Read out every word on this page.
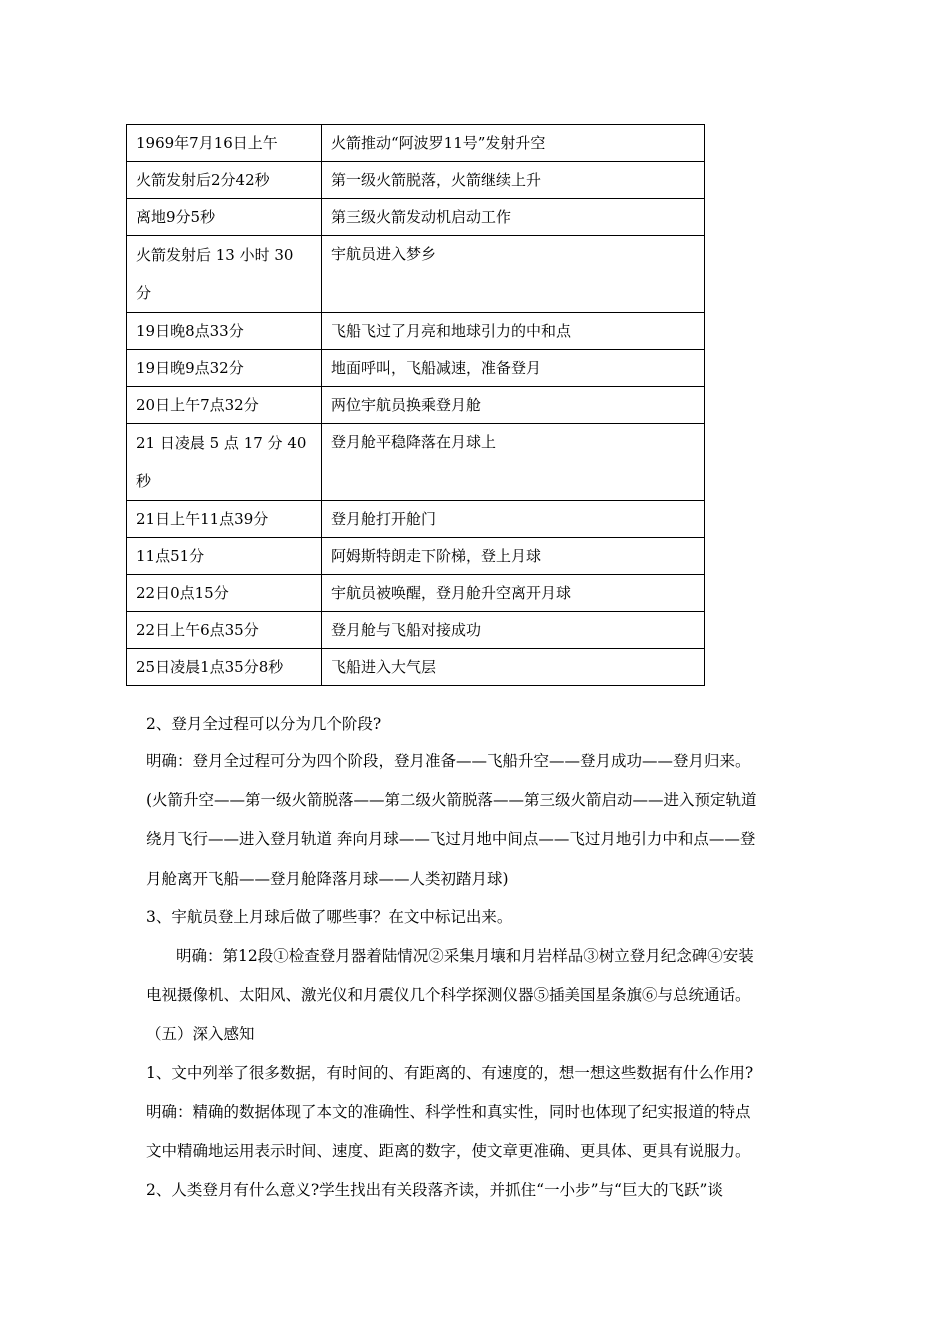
1969年7月16日上午	火箭推动“阿波罗11号”发射升空
火箭发射后2分42秒	第一级火箭脱落，火箭继续上升
离地9分5秒	第三级火箭发动机启动工作
火箭发射后 13 小时 30 分	宇航员进入梦乡
19日晚8点33分	飞船飞过了月亮和地球引力的中和点
19日晚9点32分	地面呼叫，飞船减速，准备登月
20日上午7点32分	两位宇航员换乘登月舱
21 日凌晨 5 点 17 分 40 秒	登月舱平稳降落在月球上
21日上午11点39分	登月舱打开舱门
11点51分	阿姆斯特朗走下阶梯，登上月球
22日0点15分	宇航员被唤醒，登月舱升空离开月球
22日上午6点35分	登月舱与飞船对接成功
25日凌晨1点35分8秒	飞船进入大气层

2、登月全过程可以分为几个阶段?

明确：登月全过程可分为四个阶段，登月准备——飞船升空——登月成功——登月归来。

(火箭升空——第一级火箭脱落——第二级火箭脱落——第三级火箭启动——进入预定轨道

绕月飞行——进入登月轨道 奔向月球——飞过月地中间点——飞过月地引力中和点——登

月舱离开飞船——登月舱降落月球——人类初踏月球)

3、宇航员登上月球后做了哪些事？在文中标记出来。

明确：第12段①检查登月器着陆情况②采集月壤和月岩样品③树立登月纪念碑④安装

电视摄像机、太阳风、激光仪和月震仪几个科学探测仪器⑤插美国星条旗⑥与总统通话。

（五）深入感知

1、文中列举了很多数据，有时间的、有距离的、有速度的，想一想这些数据有什么作用?

明确：精确的数据体现了本文的准确性、科学性和真实性，同时也体现了纪实报道的特点

文中精确地运用表示时间、速度、距离的数字，使文章更准确、更具体、更具有说服力。

2、人类登月有什么意义?学生找出有关段落齐读，并抓住“一小步”与“巨大的飞跃”谈
